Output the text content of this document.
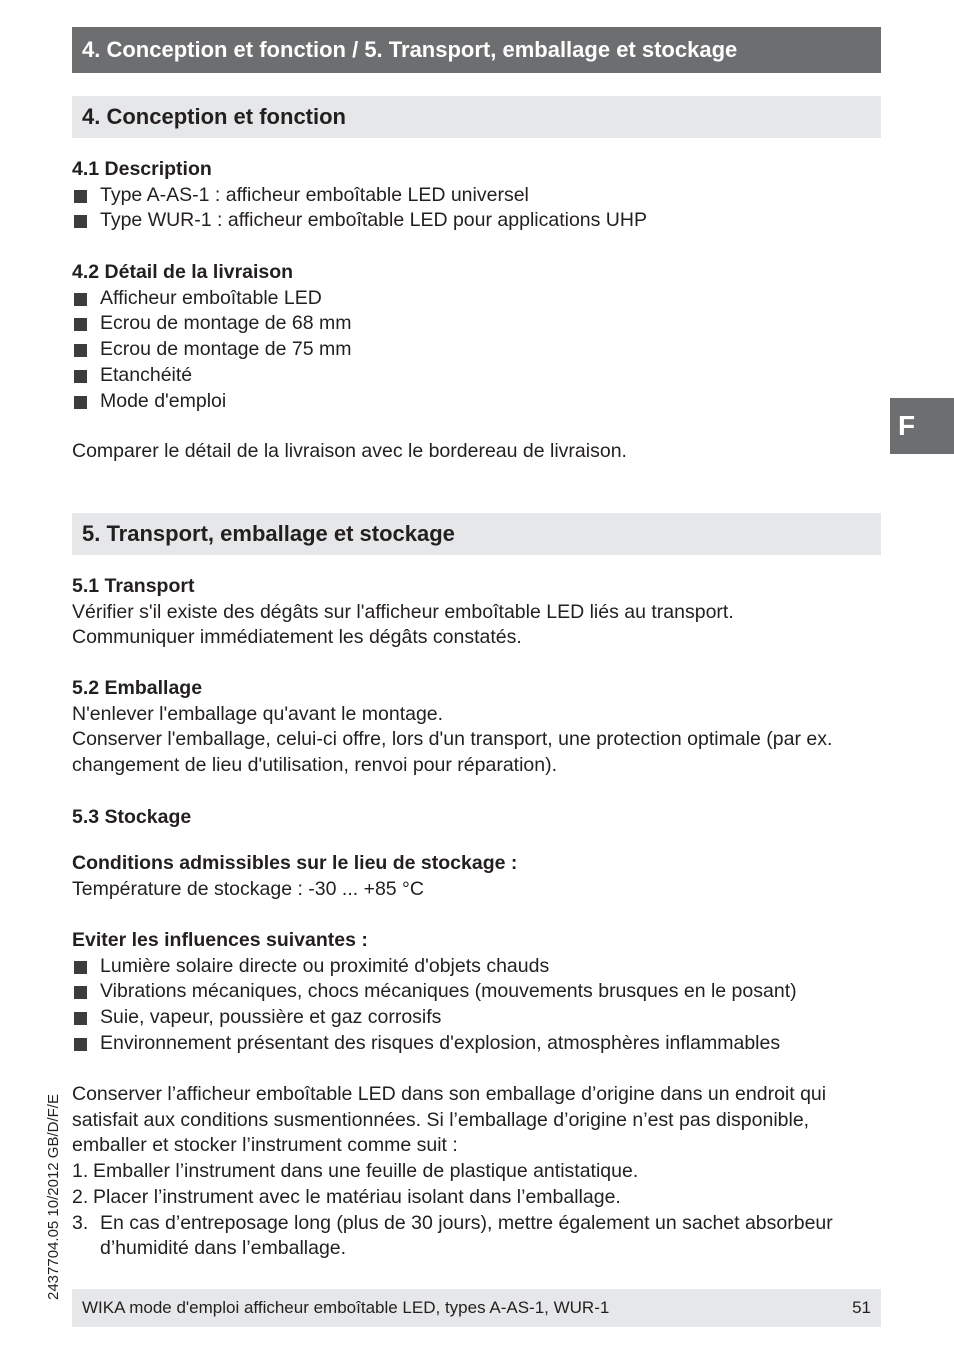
4. Conception et fonction / 5. Transport, emballage et stockage
F
4. Conception et fonction
4.1 Description
Type A-AS-1 : afficheur emboîtable LED universel
Type WUR-1 : afficheur emboîtable LED pour applications UHP
4.2 Détail de la livraison
Afficheur emboîtable LED
Ecrou de montage de 68 mm
Ecrou de montage de 75 mm
Etanchéité
Mode d'emploi
Comparer le détail de la livraison avec le bordereau de livraison.
5. Transport, emballage et stockage
5.1 Transport
Vérifier s'il existe des dégâts sur l'afficheur emboîtable LED liés au transport.
Communiquer immédiatement les dégâts constatés.
5.2 Emballage
N'enlever l'emballage qu'avant le montage.
Conserver l'emballage, celui-ci offre, lors d'un transport, une protection optimale (par ex.
changement de lieu d'utilisation, renvoi pour réparation).
5.3 Stockage
Conditions admissibles sur le lieu de stockage :
Température de stockage : -30 ... +85 °C
Eviter les influences suivantes :
Lumière solaire directe ou proximité d'objets chauds
Vibrations mécaniques, chocs mécaniques (mouvements brusques en le posant)
Suie, vapeur, poussière et gaz corrosifs
Environnement présentant des risques d'explosion, atmosphères inflammables
Conserver l’afficheur emboîtable LED dans son emballage d’origine dans un endroit qui
satisfait aux conditions susmentionnées. Si l’emballage d’origine n’est pas disponible,
emballer et stocker l’instrument comme suit :
1. Emballer l’instrument dans une feuille de plastique antistatique.
2. Placer l’instrument avec le matériau isolant dans l’emballage.
3. En cas d’entreposage long (plus de 30 jours), mettre également un sachet absorbeur d’humidité dans l’emballage.
2437704.05 10/2012 GB/D/F/E
WIKA mode d'emploi afficheur emboîtable LED, types A-AS-1, WUR-1	51
